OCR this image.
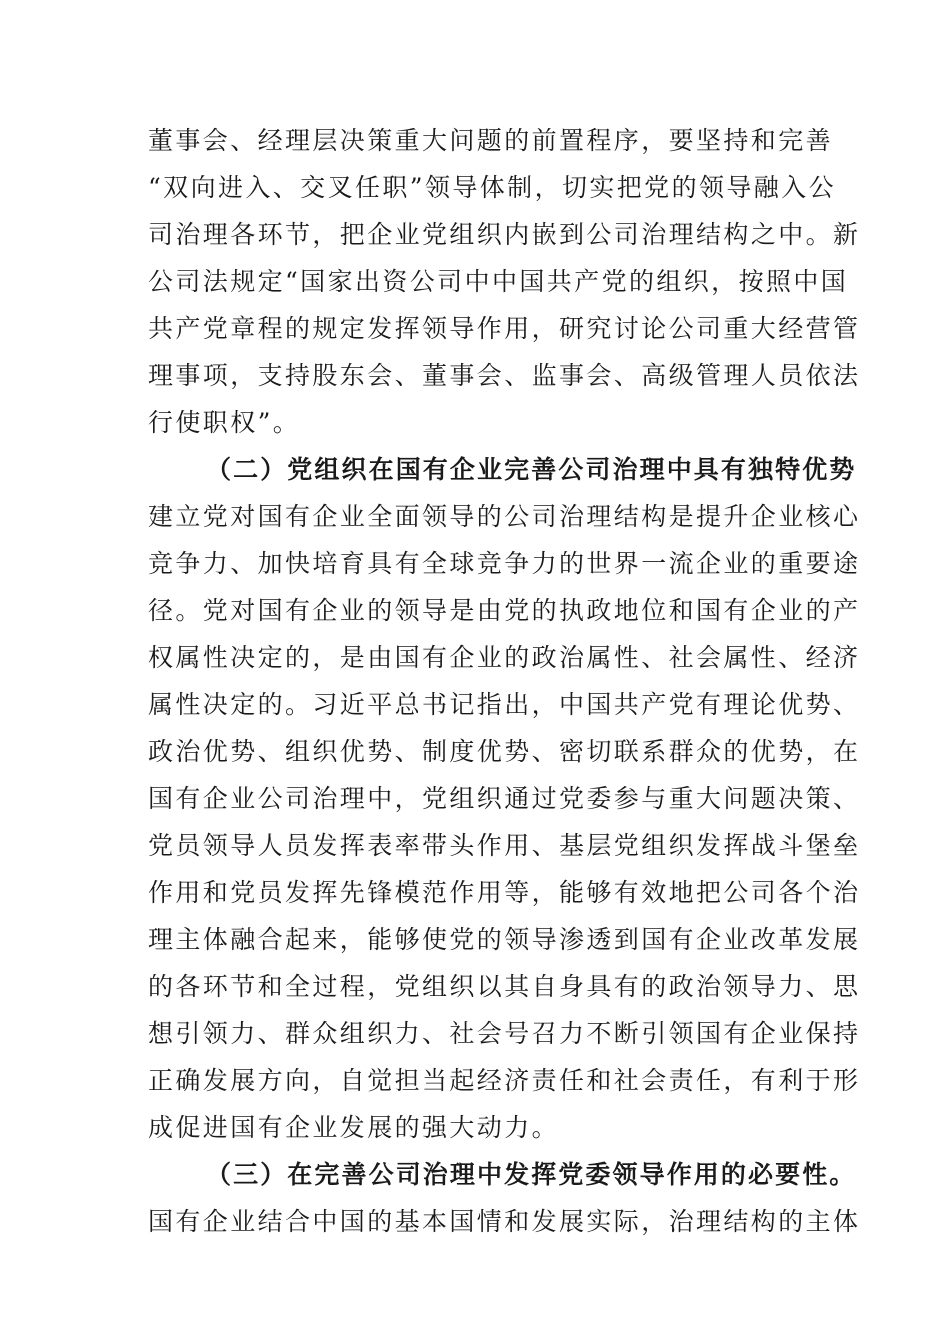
董事会、经理层决策重大问题的前置程序，要坚持和完善
“双向进入、交叉任职”领导体制，切实把党的领导融入公
司治理各环节，把企业党组织内嵌到公司治理结构之中。新
公司法规定“国家出资公司中中国共产党的组织，按照中国
共产党章程的规定发挥领导作用，研究讨论公司重大经营管
理事项，支持股东会、董事会、监事会、高级管理人员依法
行使职权”。
（二）党组织在国有企业完善公司治理中具有独特优势
建立党对国有企业全面领导的公司治理结构是提升企业核心
竞争力、加快培育具有全球竞争力的世界一流企业的重要途
径。党对国有企业的领导是由党的执政地位和国有企业的产
权属性决定的，是由国有企业的政治属性、社会属性、经济
属性决定的。习近平总书记指出，中国共产党有理论优势、
政治优势、组织优势、制度优势、密切联系群众的优势，在
国有企业公司治理中，党组织通过党委参与重大问题决策、
党员领导人员发挥表率带头作用、基层党组织发挥战斗堡垒
作用和党员发挥先锋模范作用等，能够有效地把公司各个治
理主体融合起来，能够使党的领导渗透到国有企业改革发展
的各环节和全过程，党组织以其自身具有的政治领导力、思
想引领力、群众组织力、社会号召力不断引领国有企业保持
正确发展方向，自觉担当起经济责任和社会责任，有利于形
成促进国有企业发展的强大动力。
（三）在完善公司治理中发挥党委领导作用的必要性。
国有企业结合中国的基本国情和发展实际，治理结构的主体
